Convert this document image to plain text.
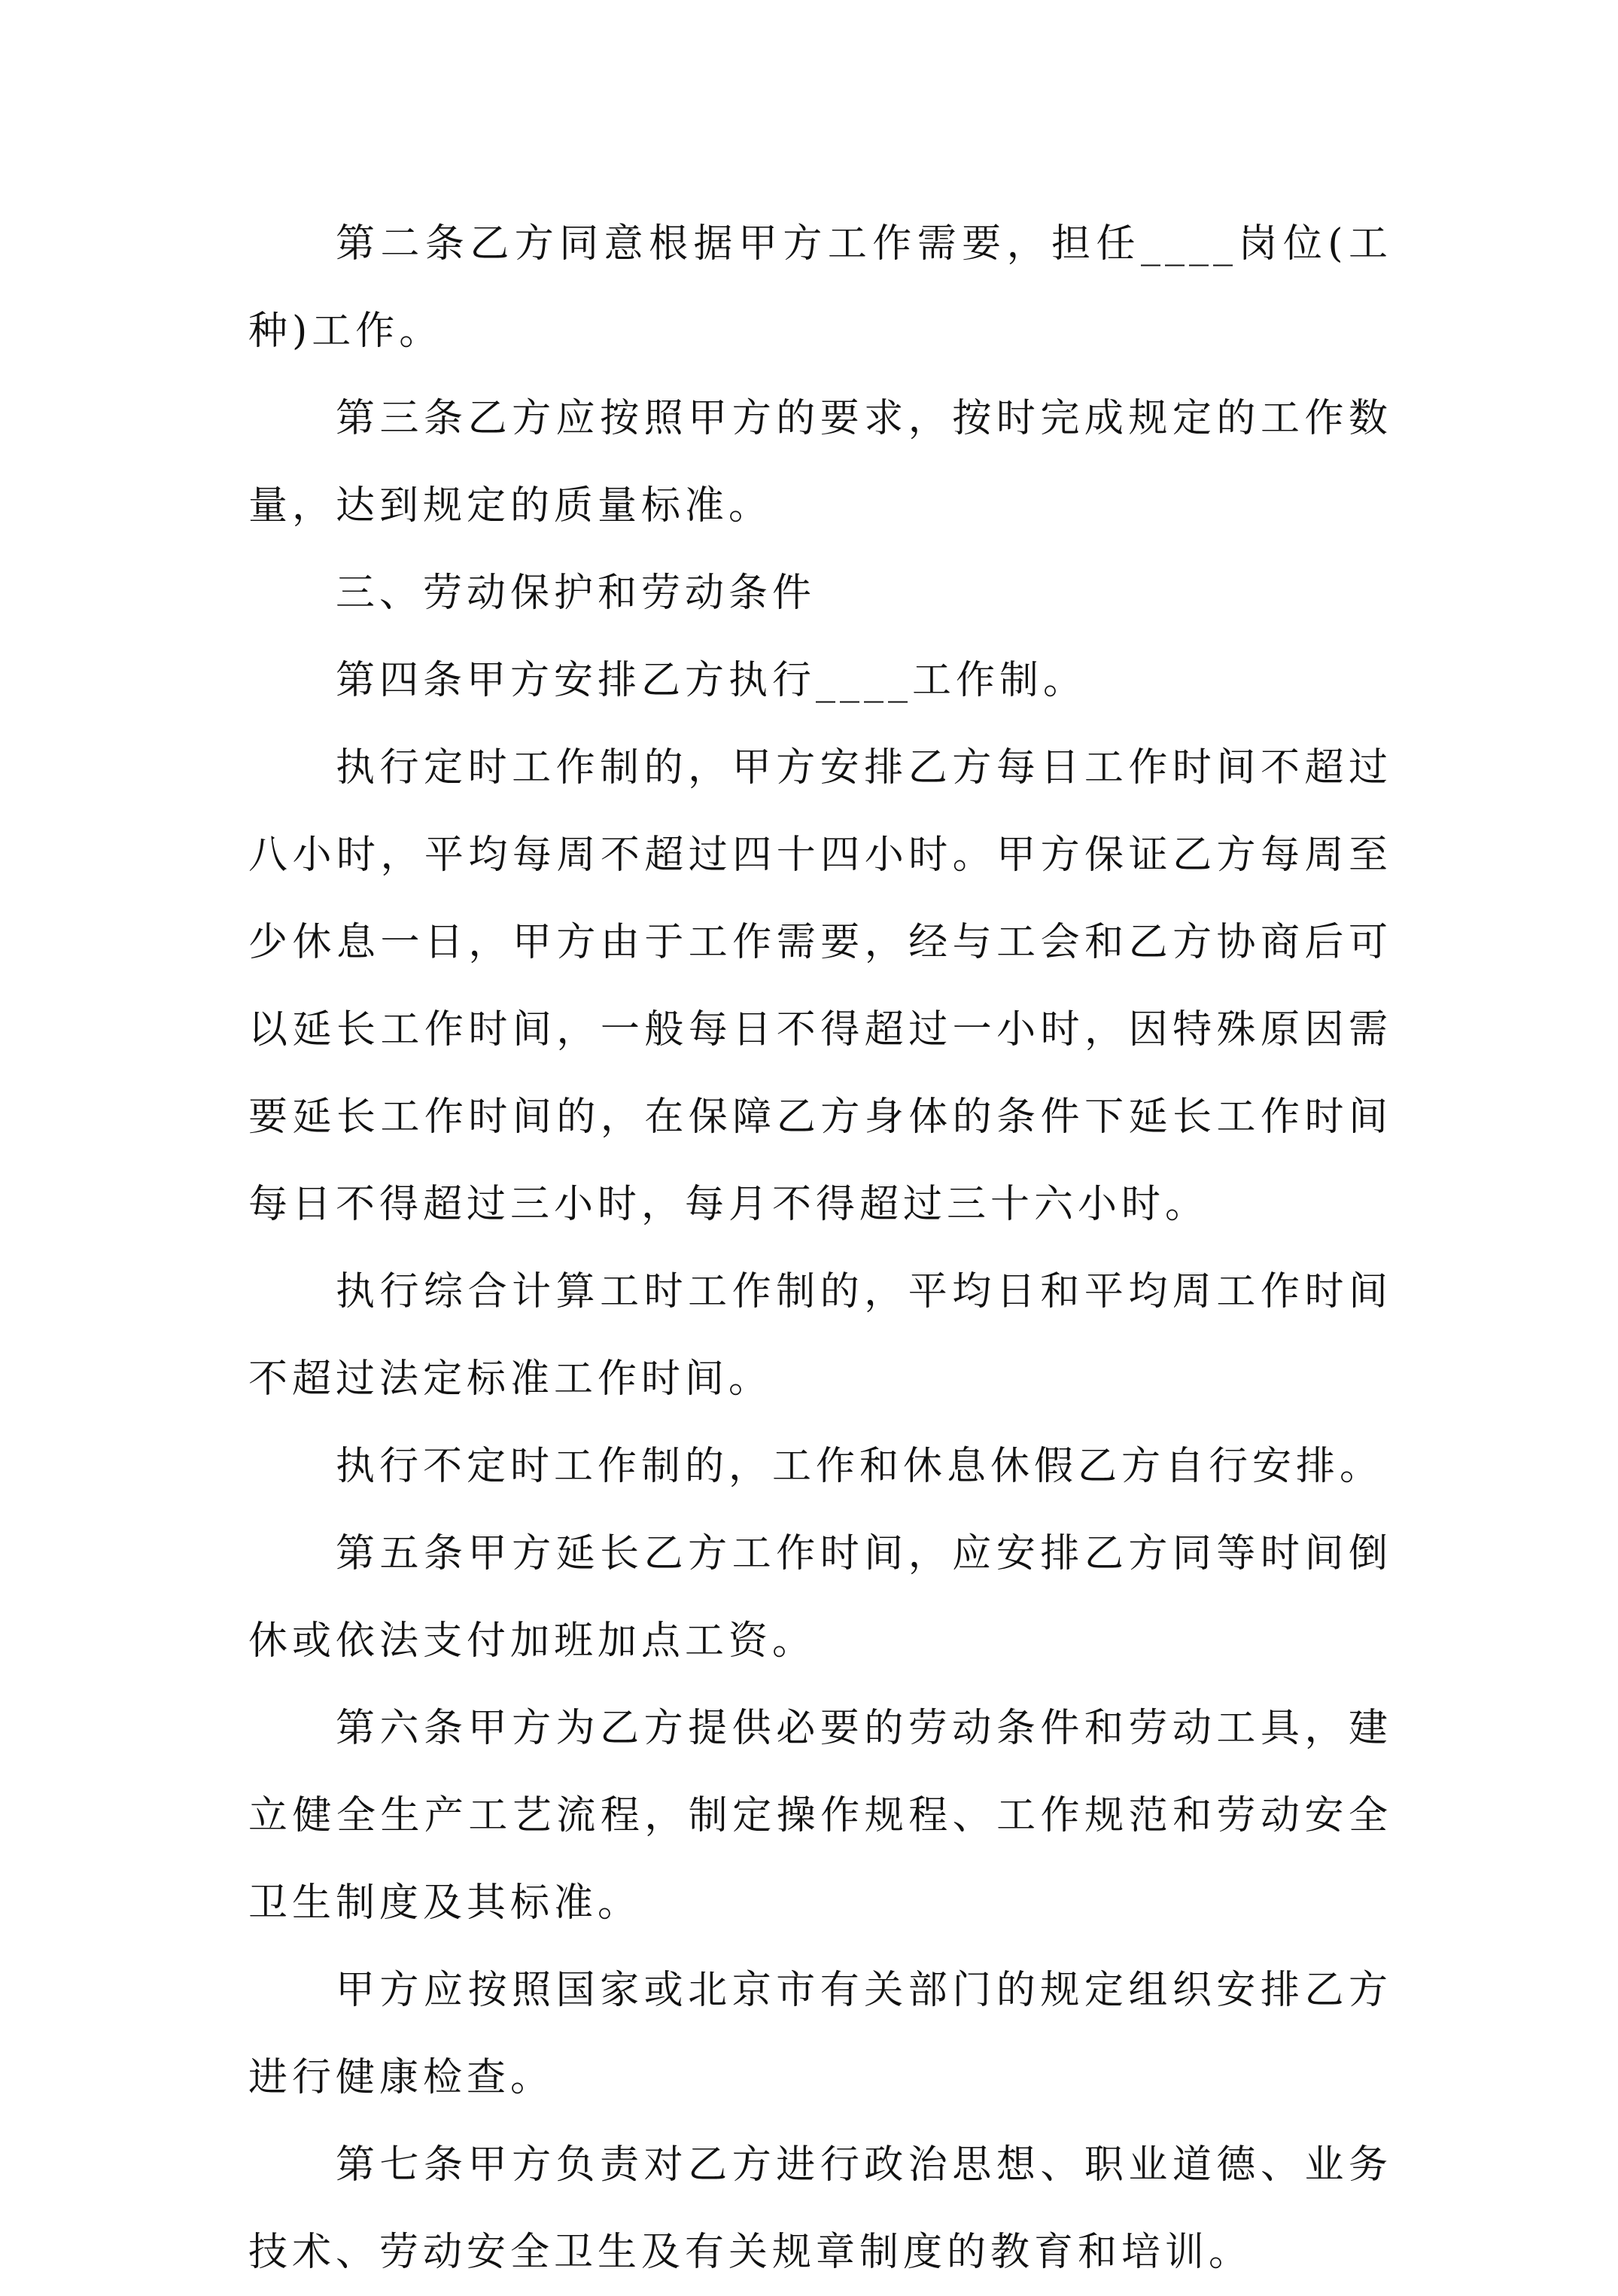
第二条乙方同意根据甲方工作需要，担任____岗位(工种)工作。

第三条乙方应按照甲方的要求，按时完成规定的工作数量，达到规定的质量标准。

三、劳动保护和劳动条件

第四条甲方安排乙方执行____工作制。

执行定时工作制的，甲方安排乙方每日工作时间不超过八小时，平均每周不超过四十四小时。甲方保证乙方每周至少休息一日，甲方由于工作需要，经与工会和乙方协商后可以延长工作时间，一般每日不得超过一小时，因特殊原因需要延长工作时间的，在保障乙方身体的条件下延长工作时间每日不得超过三小时，每月不得超过三十六小时。

执行综合计算工时工作制的，平均日和平均周工作时间不超过法定标准工作时间。

执行不定时工作制的，工作和休息休假乙方自行安排。

第五条甲方延长乙方工作时间，应安排乙方同等时间倒休或依法支付加班加点工资。

第六条甲方为乙方提供必要的劳动条件和劳动工具，建立健全生产工艺流程，制定操作规程、工作规范和劳动安全卫生制度及其标准。

甲方应按照国家或北京市有关部门的规定组织安排乙方进行健康检查。

第七条甲方负责对乙方进行政治思想、职业道德、业务技术、劳动安全卫生及有关规章制度的教育和培训。
